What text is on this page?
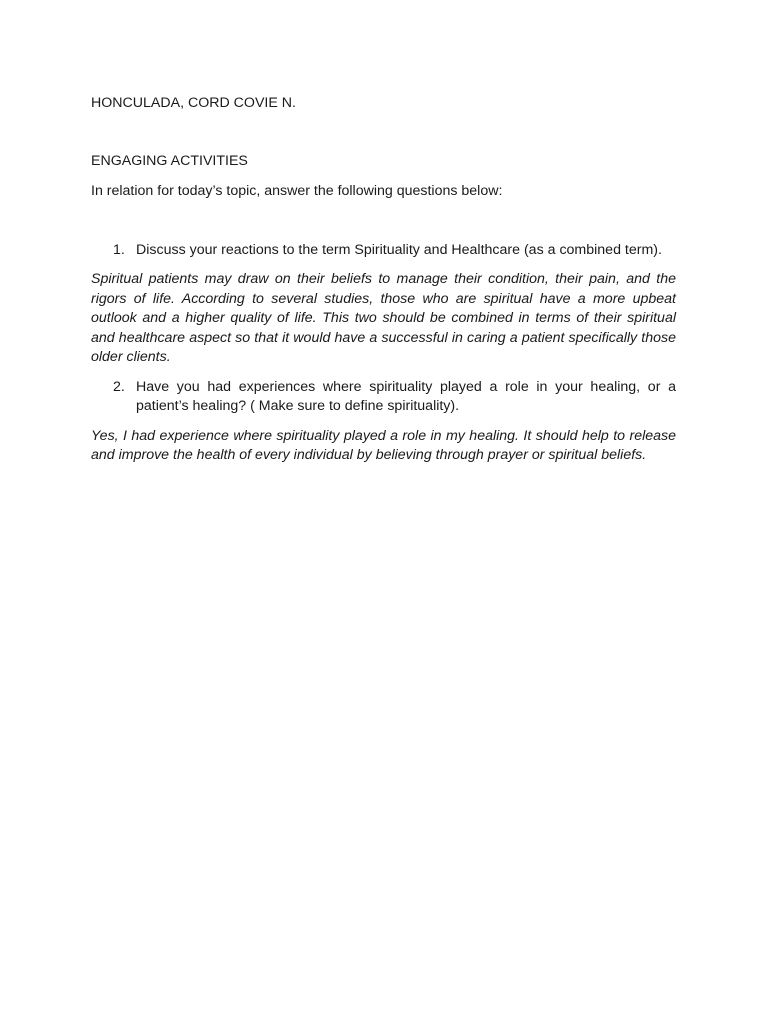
HONCULADA, CORD COVIE N.

ENGAGING ACTIVITIES

In relation for today’s topic, answer the following questions below:

1. Discuss your reactions to the term Spirituality and Healthcare (as a combined term).

Spiritual patients may draw on their beliefs to manage their condition, their pain, and the rigors of life. According to several studies, those who are spiritual have a more upbeat outlook and a higher quality of life. This two should be combined in terms of their spiritual and healthcare aspect so that it would have a successful in caring a patient specifically those older clients.

2. Have you had experiences where spirituality played a role in your healing, or a patient’s healing? ( Make sure to define spirituality).

Yes, I had experience where spirituality played a role in my healing. It should help to release and improve the health of every individual by believing through prayer or spiritual beliefs.
